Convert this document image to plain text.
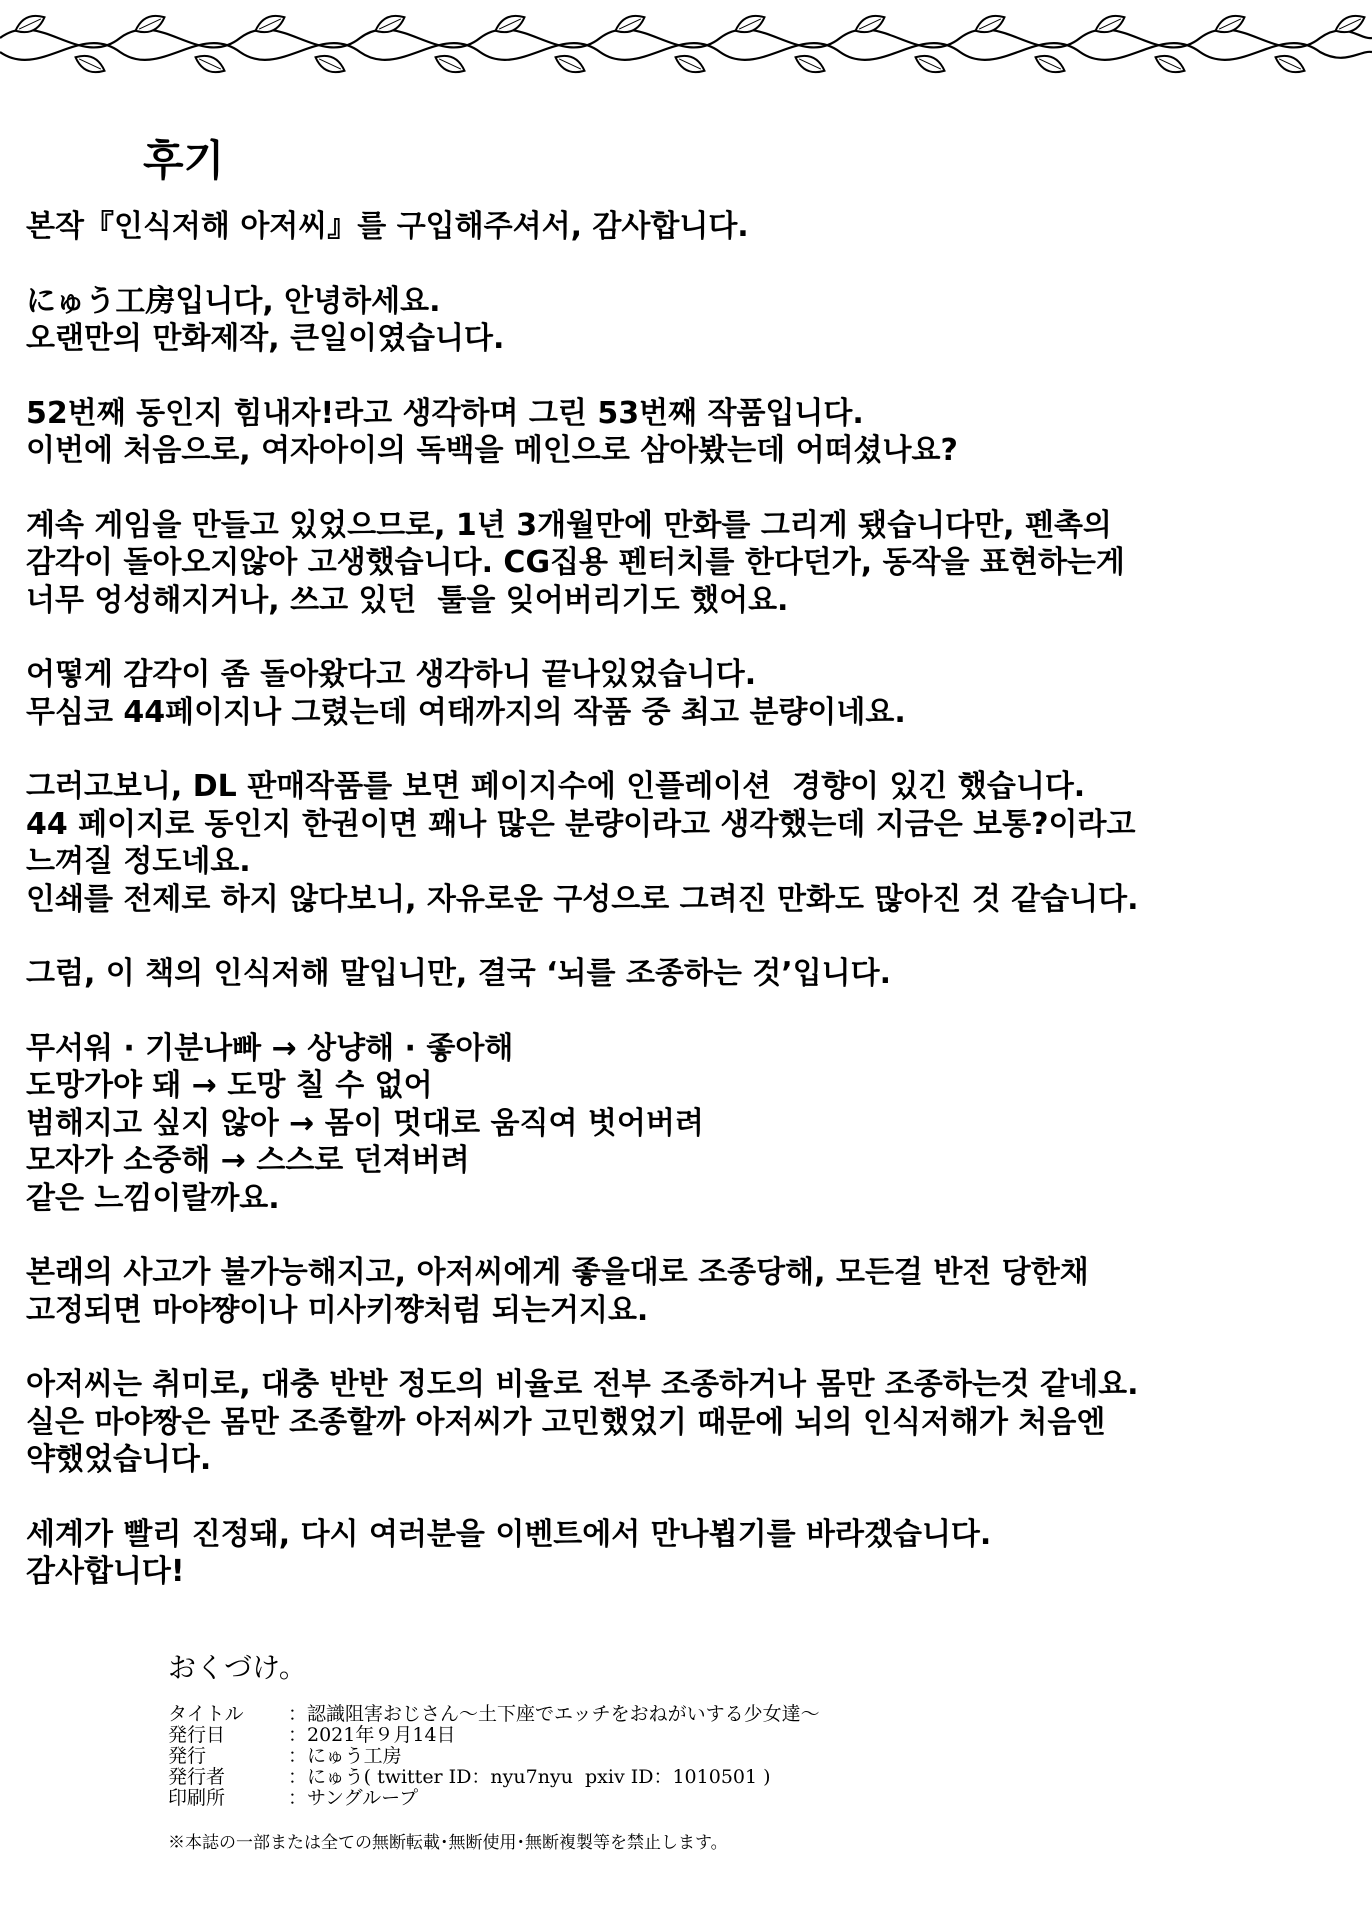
후기
본작『인식저해 아저씨』를 구입해주셔서, 감사합니다.
にゅう工房입니다, 안녕하세요.
오랜만의 만화제작, 큰일이였습니다.
52번째 동인지 힘내자!라고 생각하며 그린 53번째 작품입니다.
이번에 처음으로, 여자아이의 독백을 메인으로 삼아봤는데 어떠셨나요?
계속 게임을 만들고 있었으므로, 1년 3개월만에 만화를 그리게 됐습니다만, 펜촉의
감각이 돌아오지않아 고생했습니다. CG집용 펜터치를 한다던가, 동작을 표현하는게
너무 엉성해지거나, 쓰고 있던  툴을 잊어버리기도 했어요.
어떻게 감각이 좀 돌아왔다고 생각하니 끝나있었습니다.
무심코 44페이지나 그렸는데 여태까지의 작품 중 최고 분량이네요.
그러고보니, DL 판매작품를 보면 페이지수에 인플레이션  경향이 있긴 했습니다.
44 페이지로 동인지 한권이면 꽤나 많은 분량이라고 생각했는데 지금은 보통?이라고
느껴질 정도네요.
인쇄를 전제로 하지 않다보니, 자유로운 구성으로 그려진 만화도 많아진 것 같습니다.
그럼, 이 책의 인식저해 말입니만, 결국 ‘뇌를 조종하는 것’입니다.
무서워 · 기분나빠 → 상냥해 · 좋아해
도망가야 돼 → 도망 칠 수 없어
범해지고 싶지 않아 → 몸이 멋대로 움직여 벗어버려
모자가 소중해 → 스스로 던져버려
같은 느낌이랄까요.
본래의 사고가 불가능해지고, 아저씨에게 좋을대로 조종당해, 모든걸 반전 당한채
고정되면 마야쨩이나 미사키쨩처럼 되는거지요.
아저씨는 취미로, 대충 반반 정도의 비율로 전부 조종하거나 몸만 조종하는것 같네요.
실은 마야짱은 몸만 조종할까 아저씨가 고민했었기 때문에 뇌의 인식저해가 처음엔
약했었습니다.
세계가 빨리 진정돼, 다시 여러분을 이벤트에서 만나뵙기를 바라겠습니다.
감사합니다!
おくづけ。
タイトル	：認識阻害おじさん〜土下座でエッチをおねがいする少女達〜
発行日	：2021年９月14日
発行	：にゅう工房
発行者	：にゅう( twitter ID：nyu7nyu  pxiv ID：1010501 )
印刷所	：サングループ
※本誌の一部または全ての無断転載･無断使用･無断複製等を禁止します。
